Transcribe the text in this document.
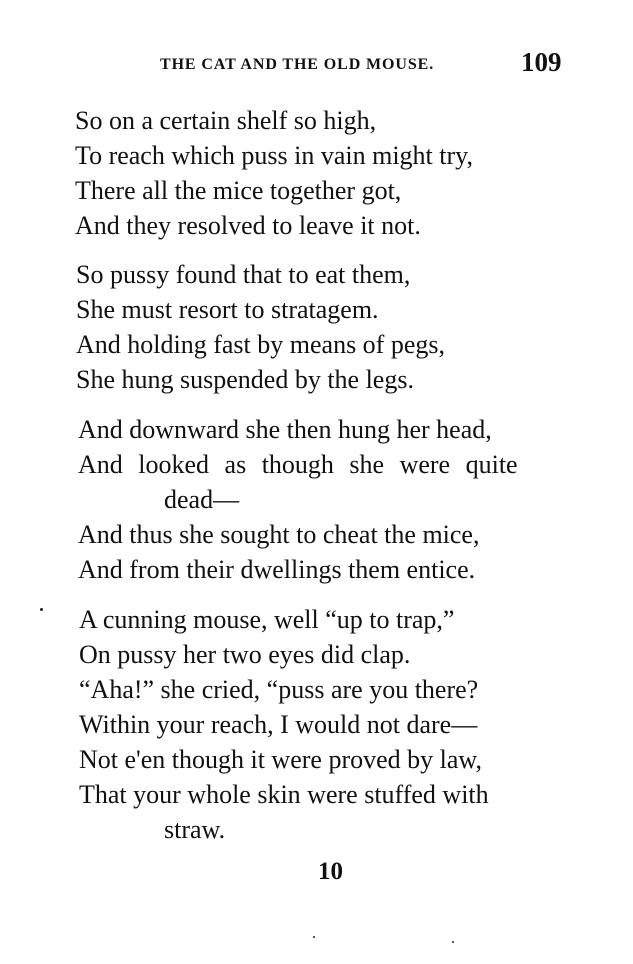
THE CAT AND THE OLD MOUSE.	109
So on a certain shelf so high,
To reach which puss in vain might try,
There all the mice together got,
And they resolved to leave it not.
So pussy found that to eat them,
She must resort to stratagem.
And holding fast by means of pegs,
She hung suspended by the legs.
And downward she then hung her head,
And looked as though she were quite
dead—
And thus she sought to cheat the mice,
And from their dwellings them entice.
A cunning mouse, well “up to trap,”
On pussy her two eyes did clap.
“Aha!” she cried, “puss are you there?
Within your reach, I would not dare—
Not e'en though it were proved by law,
That your whole skin were stuffed with
straw.
10
